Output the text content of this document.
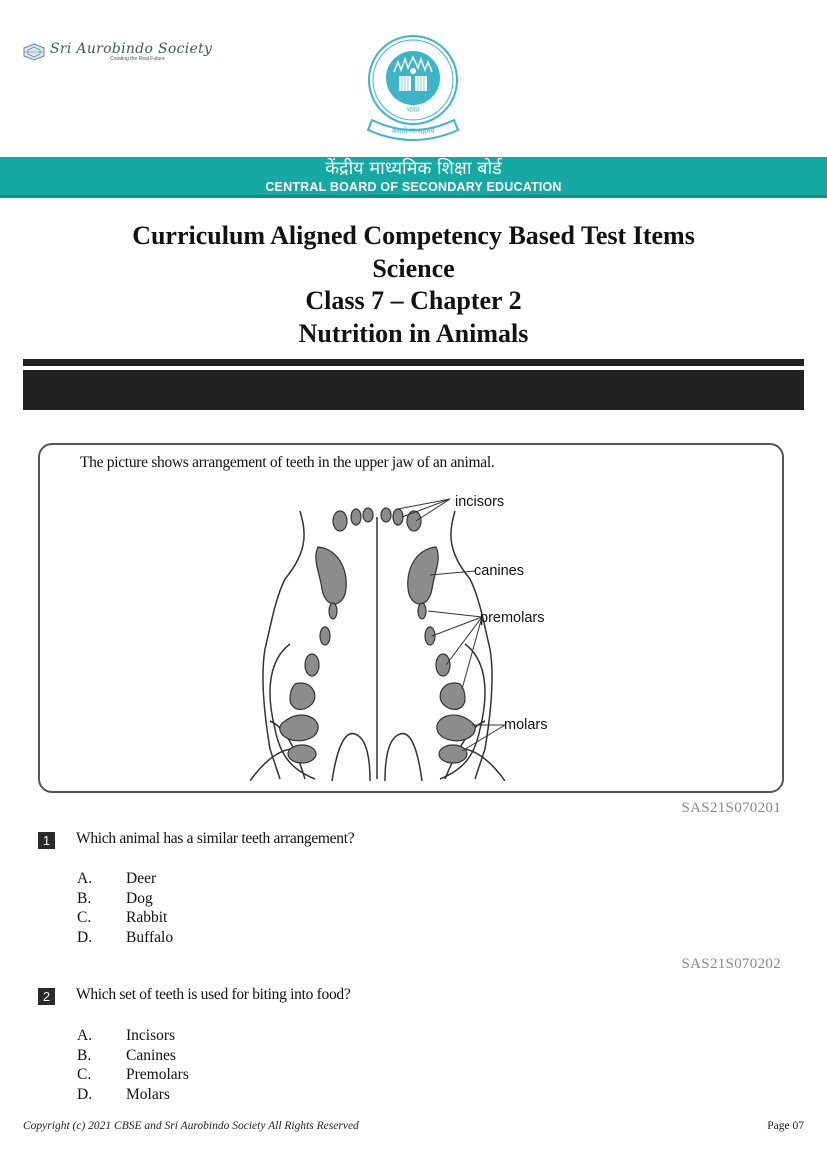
Sri Aurobindo Society
Creating the Real Future
भारत
असतो मा सद्गमय
केंद्रीय माध्यमिक शिक्षा बोर्ड
CENTRAL BOARD OF SECONDARY EDUCATION
Curriculum Aligned Competency Based Test Items
Science
Class 7 – Chapter 2
Nutrition in Animals
The picture shows arrangement of teeth in the upper jaw of an animal.
incisors
canines
premolars
molars
SAS21S070201
1	Which animal has a similar teeth arrangement?
A.	Deer
B.	Dog
C.	Rabbit
D.	Buffalo
SAS21S070202
2	Which set of teeth is used for biting into food?
A.	Incisors
B.	Canines
C.	Premolars
D.	Molars
Copyright (c) 2021 CBSE and Sri Aurobindo Society All Rights Reserved	Page 07
